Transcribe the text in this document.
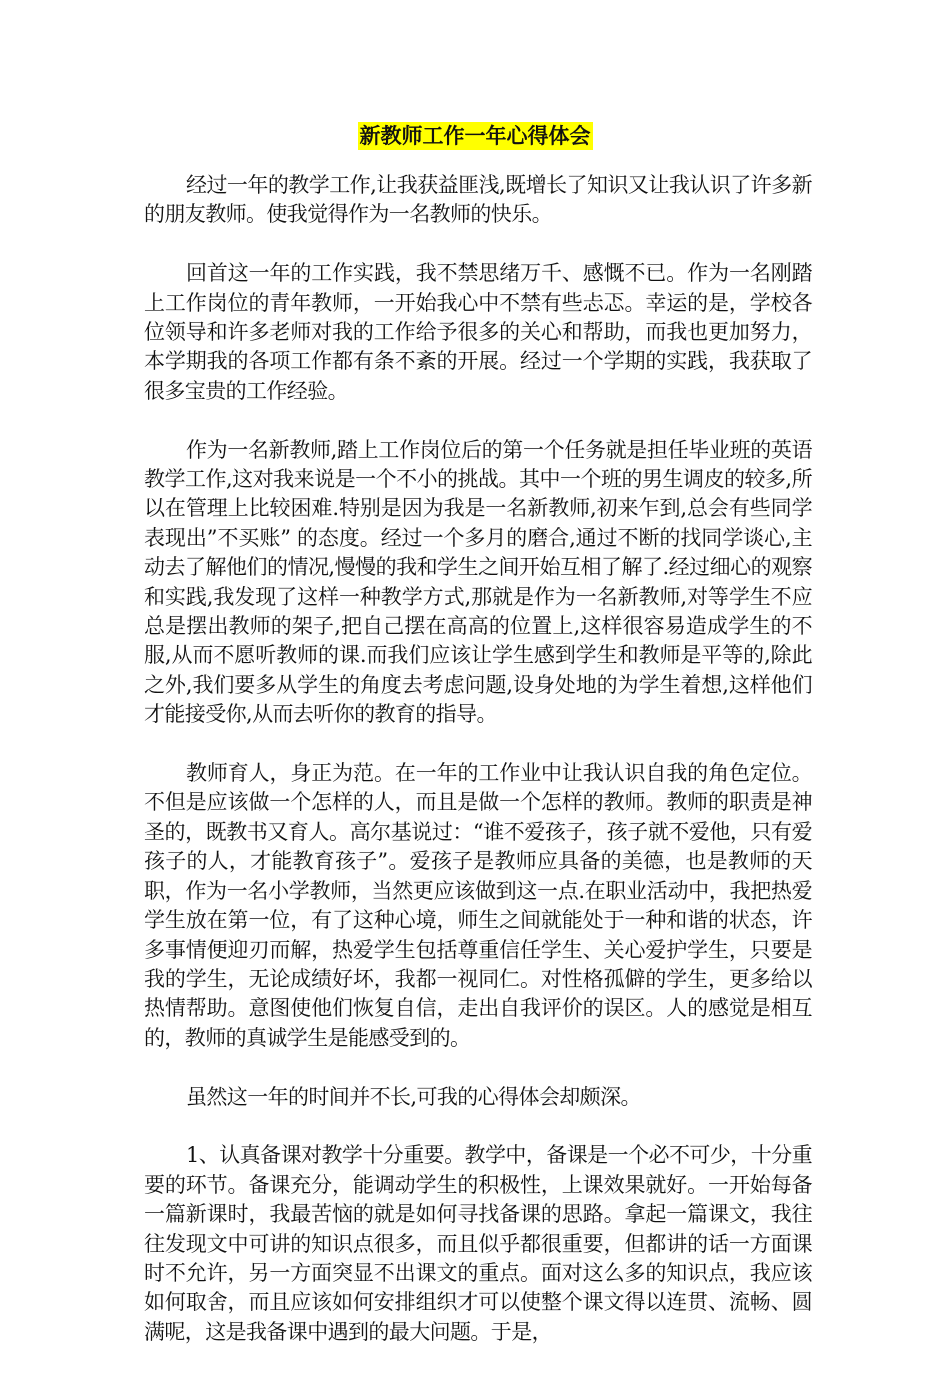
新教师工作一年心得体会

经过一年的教学工作,让我获益匪浅,既增长了知识又让我认识了许多新的朋友教师。使我觉得作为一名教师的快乐。

回首这一年的工作实践，我不禁思绪万千、感慨不已。作为一名刚踏上工作岗位的青年教师，一开始我心中不禁有些忐忑。幸运的是，学校各位领导和许多老师对我的工作给予很多的关心和帮助，而我也更加努力，本学期我的各项工作都有条不紊的开展。经过一个学期的实践，我获取了很多宝贵的工作经验。

作为一名新教师,踏上工作岗位后的第一个任务就是担任毕业班的英语教学工作,这对我来说是一个不小的挑战。其中一个班的男生调皮的较多,所以在管理上比较困难.特别是因为我是一名新教师,初来乍到,总会有些同学表现出”不买账” 的态度。经过一个多月的磨合,通过不断的找同学谈心,主动去了解他们的情况,慢慢的我和学生之间开始互相了解了.经过细心的观察和实践,我发现了这样一种教学方式,那就是作为一名新教师,对等学生不应总是摆出教师的架子,把自己摆在高高的位置上,这样很容易造成学生的不服,从而不愿听教师的课.而我们应该让学生感到学生和教师是平等的,除此之外,我们要多从学生的角度去考虑问题,设身处地的为学生着想,这样他们才能接受你,从而去听你的教育的指导。

教师育人，身正为范。在一年的工作业中让我认识自我的角色定位。不但是应该做一个怎样的人，而且是做一个怎样的教师。教师的职责是神圣的，既教书又育人。高尔基说过：“谁不爱孩子，孩子就不爱他，只有爱孩子的人，才能教育孩子”。爱孩子是教师应具备的美德，也是教师的天职，作为一名小学教师，当然更应该做到这一点.在职业活动中，我把热爱学生放在第一位，有了这种心境，师生之间就能处于一种和谐的状态，许多事情便迎刃而解，热爱学生包括尊重信任学生、关心爱护学生，只要是我的学生，无论成绩好坏，我都一视同仁。对性格孤僻的学生，更多给以热情帮助。意图使他们恢复自信，走出自我评价的误区。人的感觉是相互的，教师的真诚学生是能感受到的。

虽然这一年的时间并不长,可我的心得体会却颇深。

1、认真备课对教学十分重要。教学中，备课是一个必不可少，十分重要的环节。备课充分，能调动学生的积极性，上课效果就好。一开始每备一篇新课时，我最苦恼的就是如何寻找备课的思路。拿起一篇课文，我往往发现文中可讲的知识点很多，而且似乎都很重要，但都讲的话一方面课时不允许，另一方面突显不出课文的重点。面对这么多的知识点，我应该如何取舍，而且应该如何安排组织才可以使整个课文得以连贯、流畅、圆满呢，这是我备课中遇到的最大问题。于是，
